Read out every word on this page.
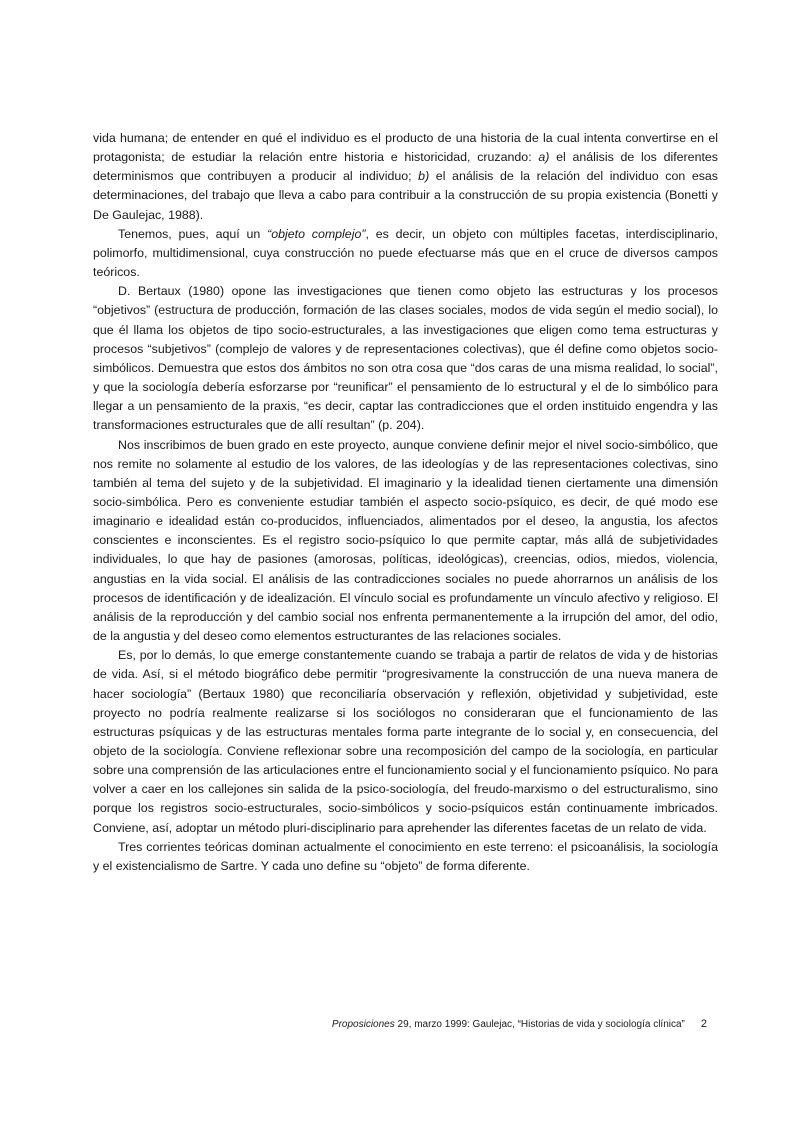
vida humana; de entender en qué el individuo es el producto de una historia de la cual intenta convertirse en el protagonista; de estudiar la relación entre historia e historicidad, cruzando: a) el análisis de los diferentes determinismos que contribuyen a producir al individuo; b) el análisis de la relación del individuo con esas determinaciones, del trabajo que lleva a cabo para contribuir a la construcción de su propia existencia (Bonetti y De Gaulejac, 1988).

Tenemos, pues, aquí un “objeto complejo”, es decir, un objeto con múltiples facetas, interdisciplinario, polimorfo, multidimensional, cuya construcción no puede efectuarse más que en el cruce de diversos campos teóricos.

D. Bertaux (1980) opone las investigaciones que tienen como objeto las estructuras y los procesos “objetivos” (estructura de producción, formación de las clases sociales, modos de vida según el medio social), lo que él llama los objetos de tipo socio-estructurales, a las investigaciones que eligen como tema estructuras y procesos “subjetivos” (complejo de valores y de representaciones colectivas), que él define como objetos socio-simbólicos. Demuestra que estos dos ámbitos no son otra cosa que “dos caras de una misma realidad, lo social”, y que la sociología debería esforzarse por “reunificar” el pensamiento de lo estructural y el de lo simbólico para llegar a un pensamiento de la praxis, “es decir, captar las contradicciones que el orden instituido engendra y las transformaciones estructurales que de allí resultan” (p. 204).

Nos inscribimos de buen grado en este proyecto, aunque conviene definir mejor el nivel socio-simbólico, que nos remite no solamente al estudio de los valores, de las ideologías y de las representaciones colectivas, sino también al tema del sujeto y de la subjetividad. El imaginario y la idealidad tienen ciertamente una dimensión socio-simbólica. Pero es conveniente estudiar también el aspecto socio-psíquico, es decir, de qué modo ese imaginario e idealidad están co-producidos, influenciados, alimentados por el deseo, la angustia, los afectos conscientes e inconscientes. Es el registro socio-psíquico lo que permite captar, más allá de subjetividades individuales, lo que hay de pasiones (amorosas, políticas, ideológicas), creencias, odios, miedos, violencia, angustias en la vida social. El análisis de las contradicciones sociales no puede ahorrarnos un análisis de los procesos de identificación y de idealización. El vínculo social es profundamente un vínculo afectivo y religioso. El análisis de la reproducción y del cambio social nos enfrenta permanentemente a la irrupción del amor, del odio, de la angustia y del deseo como elementos estructurantes de las relaciones sociales.

Es, por lo demás, lo que emerge constantemente cuando se trabaja a partir de relatos de vida y de historias de vida. Así, si el método biográfico debe permitir “progresivamente la construcción de una nueva manera de hacer sociología” (Bertaux 1980) que reconciliaría observación y reflexión, objetividad y subjetividad, este proyecto no podría realmente realizarse si los sociólogos no consideraran que el funcionamiento de las estructuras psíquicas y de las estructuras mentales forma parte integrante de lo social y, en consecuencia, del objeto de la sociología. Conviene reflexionar sobre una recomposición del campo de la sociología, en particular sobre una comprensión de las articulaciones entre el funcionamiento social y el funcionamiento psíquico. No para volver a caer en los callejones sin salida de la psico-sociología, del freudo-marxismo o del estructuralismo, sino porque los registros socio-estructurales, socio-simbólicos y socio-psíquicos están continuamente imbricados. Conviene, así, adoptar un método pluri-disciplinario para aprehender las diferentes facetas de un relato de vida.

Tres corrientes teóricas dominan actualmente el conocimiento en este terreno: el psicoanálisis, la sociología y el existencialismo de Sartre. Y cada uno define su “objeto” de forma diferente.

Proposiciones 29, marzo 1999: Gaulejac, “Historias de vida y sociología clínica” 2
